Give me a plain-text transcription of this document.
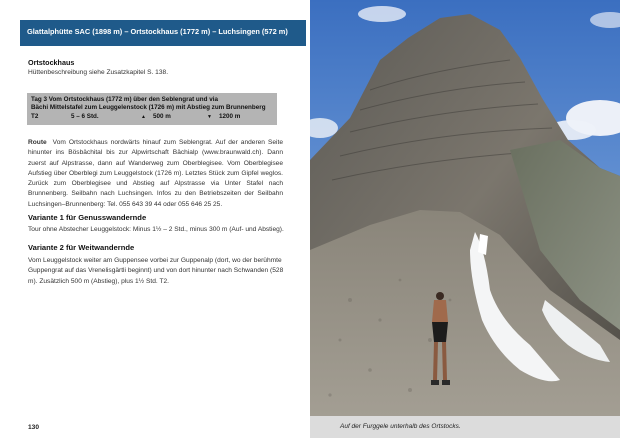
Glattalphütte SAC (1898 m) – Ortstockhaus (1772 m) – Luchsingen (572 m)
Ortstockhaus
Hüttenbeschreibung siehe Zusatzkapitel S. 138.
Tag 3 Vom Ortstockhaus (1772 m) über den Seblengrat und via
Bächi Mittelstafel zum Leuggelenstock (1726 m) mit Abstieg zum Brunnenberg
T2	5 – 6 Std.	▲	500 m	▼	1200 m
Route Vom Ortstockhaus nordwärts hinauf zum Seblengrat. Auf der anderen Seite hinunter ins Bösbächital bis zur Alpwirtschaft Bächialp (www.braunwald.ch). Dann zuerst auf Alpstrasse, dann auf Wanderweg zum Oberblegisee. Vom Oberblegisee Aufstieg über Oberblegi zum Leuggelstock (1726 m). Letztes Stück zum Gipfel weglos. Zurück zum Oberblegisee und Abstieg auf Alpstrasse via Unter Stafel nach Brunnenberg. Seilbahn nach Luchsingen. Infos zu den Betriebszeiten der Seilbahn Luchsingen–Brunnenberg: Tel. 055 643 39 44 oder 055 646 25 25.
Variante 1 für Genusswandernde
Tour ohne Abstecher Leuggelstock: Minus 1½ – 2 Std., minus 300 m (Auf- und Abstieg).
Variante 2 für Weitwandernde
Vom Leuggelstock weiter am Guppensee vorbei zur Guppenalp (dort, wo der berühmte Guppengrat auf das Vrenelisgärtli beginnt) und von dort hinunter nach Schwanden (528 m). Zusätzlich 500 m (Abstieg), plus 1½ Std. T2.
130	Auf der Furggele unterhalb des Ortstocks.
